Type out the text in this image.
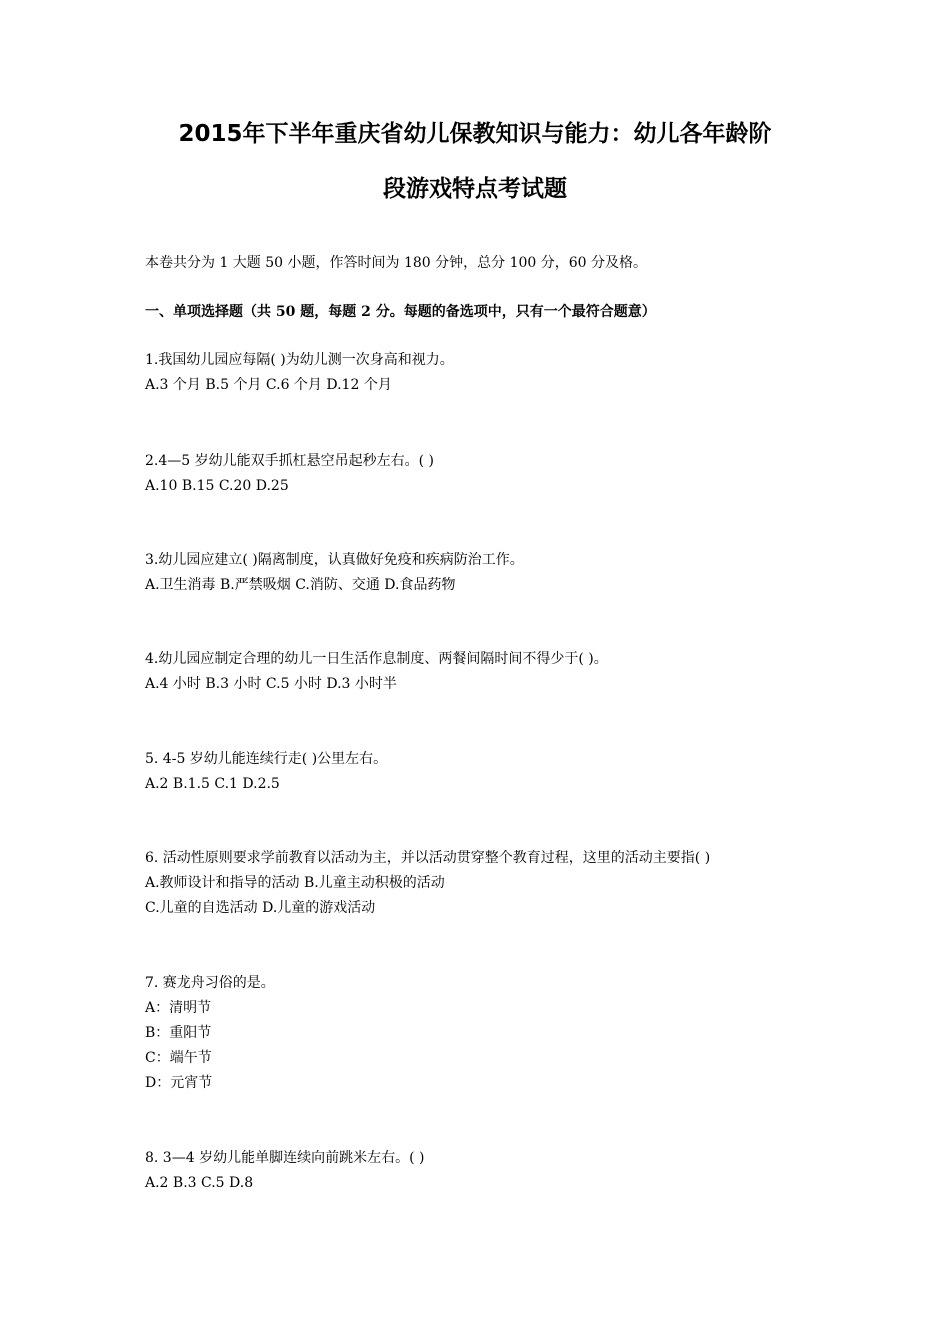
2015年下半年重庆省幼儿保教知识与能力：幼儿各年龄阶
段游戏特点考试题
本卷共分为 1 大题 50 小题，作答时间为 180 分钟，总分 100 分，60 分及格。
一、单项选择题（共 50 题，每题 2 分。每题的备选项中，只有一个最符合题意）

1.我国幼儿园应每隔( )为幼儿测一次身高和视力。

A.3 个月 B.5 个月 C.6 个月 D.12 个月

2.4—5 岁幼儿能双手抓杠悬空吊起秒左右。( )

A.10 B.15 C.20 D.25

3.幼儿园应建立( )隔离制度，认真做好免疫和疾病防治工作。

A.卫生消毒 B.严禁吸烟 C.消防、交通 D.食品药物

4.幼儿园应制定合理的幼儿一日生活作息制度、两餐间隔时间不得少于( )。

A.4 小时 B.3 小时 C.5 小时 D.3 小时半

5. 4-5 岁幼儿能连续行走( )公里左右。

A.2 B.1.5 C.1 D.2.5

6. 活动性原则要求学前教育以活动为主，并以活动贯穿整个教育过程，这里的活动主要指( )

A.教师设计和指导的活动 B.儿童主动积极的活动

C.儿童的自选活动 D.儿童的游戏活动

7. 赛龙舟习俗的是。

A：清明节

B：重阳节

C：端午节

D：元宵节

8. 3—4 岁幼儿能单脚连续向前跳米左右。( )

A.2 B.3 C.5 D.8
